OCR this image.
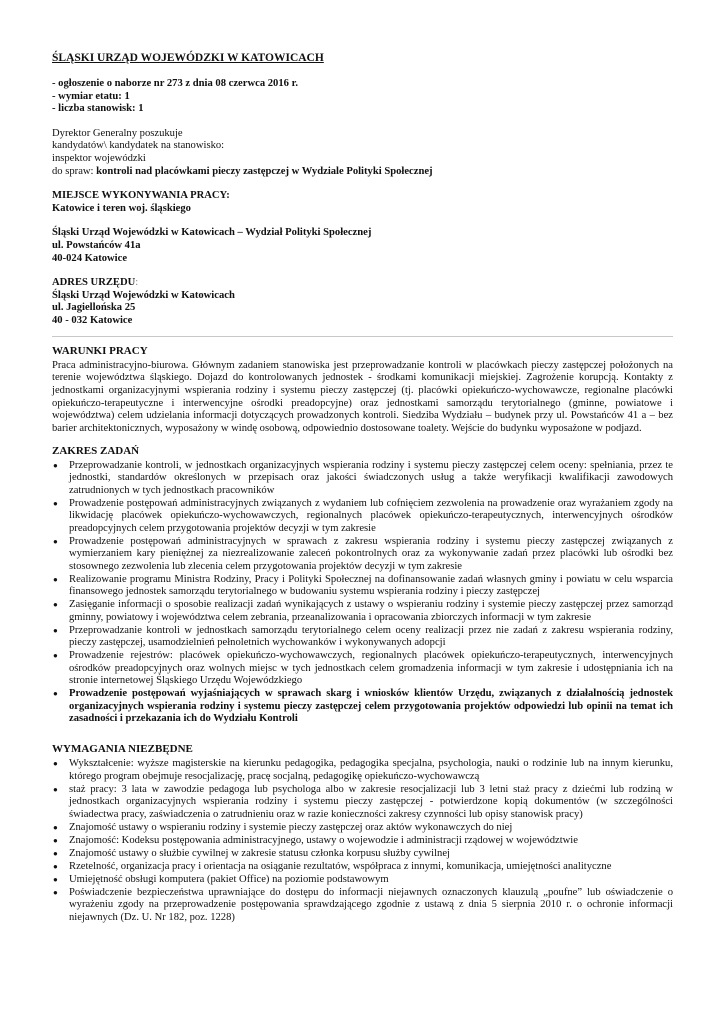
ŚLĄSKI URZĄD WOJEWÓDZKI W KATOWICACH
- ogłoszenie o naborze nr 273 z dnia 08 czerwca 2016 r.
- wymiar etatu: 1
- liczba stanowisk: 1
Dyrektor Generalny poszukuje
kandydatów\ kandydatek na stanowisko:
inspektor wojewódzki
do spraw: kontroli nad placówkami pieczy zastępczej w Wydziale Polityki Społecznej
MIEJSCE WYKONYWANIA PRACY:
Katowice i teren woj. śląskiego
Śląski Urząd Wojewódzki w Katowicach – Wydział Polityki Społecznej
ul. Powstańców 41a
40-024 Katowice
ADRES URZĘDU:
Śląski Urząd Wojewódzki w Katowicach
ul. Jagiellońska 25
40 - 032 Katowice
WARUNKI PRACY
Praca administracyjno-biurowa. Głównym zadaniem stanowiska jest przeprowadzanie kontroli w placówkach pieczy zastępczej położonych na terenie województwa śląskiego. Dojazd do kontrolowanych jednostek - środkami komunikacji miejskiej. Zagrożenie korupcją. Kontakty z jednostkami organizacyjnymi wspierania rodziny i systemu pieczy zastępczej (tj. placówki opiekuńczo-wychowawcze, regionalne placówki opiekuńczo-terapeutyczne i interwencyjne ośrodki preadopcyjne) oraz jednostkami samorządu terytorialnego (gminne, powiatowe i województwa) celem udzielania informacji dotyczących prowadzonych kontroli. Siedziba Wydziału – budynek przy ul. Powstańców 41 a – bez barier architektonicznych, wyposażony w windę osobową, odpowiednio dostosowane toalety. Wejście do budynku wyposażone w podjazd.
ZAKRES ZADAŃ
● Przeprowadzanie kontroli, w jednostkach organizacyjnych wspierania rodziny i systemu pieczy zastępczej celem oceny: spełniania, przez te jednostki, standardów określonych w przepisach oraz jakości świadczonych usług a także weryfikacji kwalifikacji zawodowych zatrudnionych w tych jednostkach pracowników
● Prowadzenie postępowań administracyjnych związanych z wydaniem lub cofnięciem zezwolenia na prowadzenie oraz wyrażaniem zgody na likwidację placówek opiekuńczo-wychowawczych, regionalnych placówek opiekuńczo-terapeutycznych, interwencyjnych ośrodków preadopcyjnych celem przygotowania projektów decyzji w tym zakresie
● Prowadzenie postępowań administracyjnych w sprawach z zakresu wspierania rodziny i systemu pieczy zastępczej związanych z wymierzaniem kary pieniężnej za niezrealizowanie zaleceń pokontrolnych oraz za wykonywanie zadań przez placówki lub ośrodki bez stosownego zezwolenia lub zlecenia celem przygotowania projektów decyzji w tym zakresie
● Realizowanie programu Ministra Rodziny, Pracy i Polityki Społecznej na dofinansowanie zadań własnych gminy i powiatu w celu wsparcia finansowego jednostek samorządu terytorialnego w budowaniu systemu wspierania rodziny i pieczy zastępczej
● Zasięganie informacji o sposobie realizacji zadań wynikających z ustawy o wspieraniu rodziny i systemie pieczy zastępczej przez samorząd gminny, powiatowy i województwa celem zebrania, przeanalizowania i opracowania zbiorczych informacji w tym zakresie
● Przeprowadzanie kontroli w jednostkach samorządu terytorialnego celem oceny realizacji przez nie zadań z zakresu wspierania rodziny, pieczy zastępczej, usamodzielnień pełnoletnich wychowanków i wykonywanych adopcji
● Prowadzenie rejestrów: placówek opiekuńczo-wychowawczych, regionalnych placówek opiekuńczo-terapeutycznych, interwencyjnych ośrodków preadopcyjnych oraz wolnych miejsc w tych jednostkach celem gromadzenia informacji w tym zakresie i udostępniania ich na stronie internetowej Śląskiego Urzędu Wojewódzkiego
● Prowadzenie postępowań wyjaśniających w sprawach skarg i wniosków klientów Urzędu, związanych z działalnością jednostek organizacyjnych wspierania rodziny i systemu pieczy zastępczej celem przygotowania projektów odpowiedzi lub opinii na temat ich zasadności i przekazania ich do Wydziału Kontroli
WYMAGANIA NIEZBĘDNE
● Wykształcenie: wyższe magisterskie na kierunku pedagogika, pedagogika specjalna, psychologia, nauki o rodzinie lub na innym kierunku, którego program obejmuje resocjalizację, pracę socjalną, pedagogikę opiekuńczo-wychowawczą
● staż pracy: 3 lata w zawodzie pedagoga lub psychologa albo w zakresie resocjalizacji lub 3 letni staż pracy z dziećmi lub rodziną w jednostkach organizacyjnych wspierania rodziny i systemu pieczy zastępczej - potwierdzone kopią dokumentów (w szczególności świadectwa pracy, zaświadczenia o zatrudnieniu oraz w razie konieczności zakresy czynności lub opisy stanowisk pracy)
● Znajomość ustawy o wspieraniu rodziny i systemie pieczy zastępczej oraz aktów wykonawczych do niej
● Znajomość: Kodeksu postępowania administracyjnego, ustawy o wojewodzie i administracji rządowej w województwie
● Znajomość ustawy o służbie cywilnej w zakresie statusu członka korpusu służby cywilnej
● Rzetelność, organizacja pracy i orientacja na osiąganie rezultatów, współpraca z innymi, komunikacja, umiejętności analityczne
● Umiejętność obsługi komputera (pakiet Office) na poziomie podstawowym
● Poświadczenie bezpieczeństwa uprawniające do dostępu do informacji niejawnych oznaczonych klauzulą „poufne” lub oświadczenie o wyrażeniu zgody na przeprowadzenie postępowania sprawdzającego zgodnie z ustawą z dnia 5 sierpnia 2010 r. o ochronie informacji niejawnych (Dz. U. Nr 182, poz. 1228)
